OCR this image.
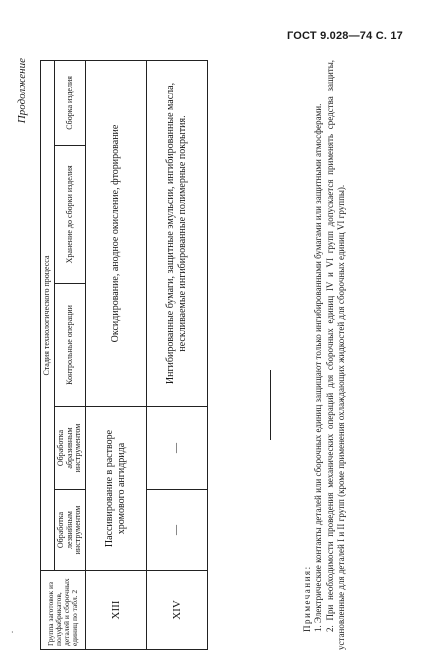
ГОСТ 9.028—74 С. 17
Продолжение
Группа заготовок из полуфабрикатов, деталей и сборочных единиц по табл. 2	Стадия технологического процесса				
	Обработка лезвийным инструментом	Обработка абразивным инструментом	Контрольные операции	Хранение до сборки изделия	Сборка изделия
XIII	Пассивирование в растворе хромового ангидрида		Оксидирование, анодное окисление, фторирование		
XIV	—	—	Ингибированные бумаги, защитные эмульсии, ингибированные масла, нескливаемые ингибированные полимерные покрытия.		
Примечания: 1. Электрические контакты деталей или сборочных единиц защищают только ингибированными бумагами или защитными атмосферами. 2. При необходимости проведения механических операций для сборочных единиц IV и VI групп допускается применять средства защиты, установленные для деталей I и II групп (кроме применения охлаждающих жидкостей для сборочных единиц VI группы).

·
